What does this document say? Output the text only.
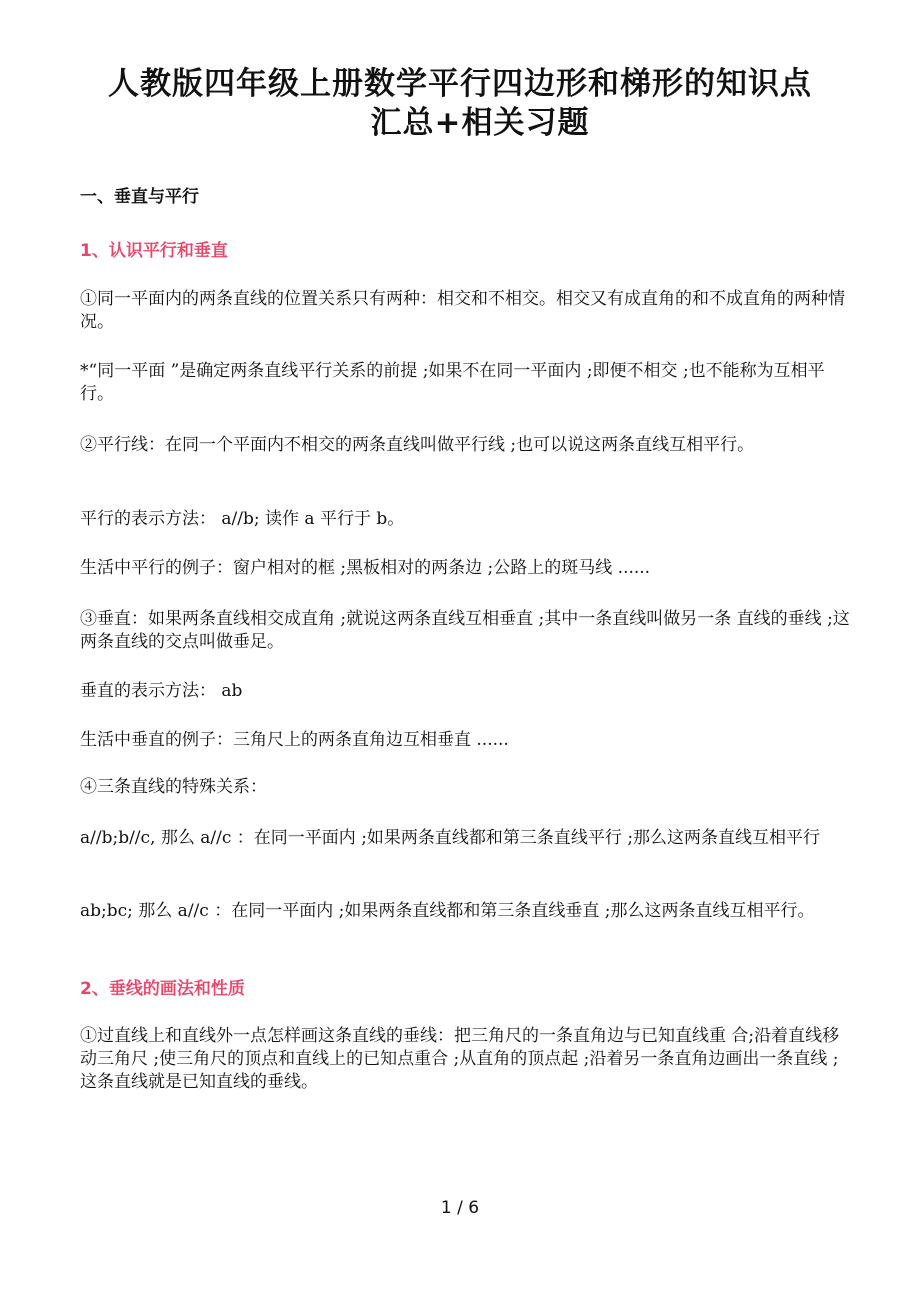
人教版四年级上册数学平行四边形和梯形的知识点
汇总+相关习题
一、垂直与平行
1、认识平行和垂直

①同一平面内的两条直线的位置关系只有两种：相交和不相交。相交又有成直角的和不成直角的两种情况。

*“同一平面 ”是确定两条直线平行关系的前提 ;如果不在同一平面内 ;即便不相交 ;也不能称为互相平行。

②平行线：在同一个平面内不相交的两条直线叫做平行线 ;也可以说这两条直线互相平行。

平行的表示方法： a//b; 读作 a 平行于 b。

生活中平行的例子：窗户相对的框 ;黑板相对的两条边 ;公路上的斑马线 ......

③垂直：如果两条直线相交成直角 ;就说这两条直线互相垂直 ;其中一条直线叫做另一条 直线的垂线 ;这两条直线的交点叫做垂足。

垂直的表示方法： ab

生活中垂直的例子：三角尺上的两条直角边互相垂直 ......

④三条直线的特殊关系：

a//b;b//c, 那么 a//c ：在同一平面内 ;如果两条直线都和第三条直线平行 ;那么这两条直线互相平行

ab;bc; 那么 a//c ：在同一平面内 ;如果两条直线都和第三条直线垂直 ;那么这两条直线互相平行。

2、垂线的画法和性质

①过直线上和直线外一点怎样画这条直线的垂线：把三角尺的一条直角边与已知直线重 合;沿着直线移动三角尺 ;使三角尺的顶点和直线上的已知点重合 ;从直角的顶点起 ;沿着另一条直角边画出一条直线 ;这条直线就是已知直线的垂线。

1 / 6
